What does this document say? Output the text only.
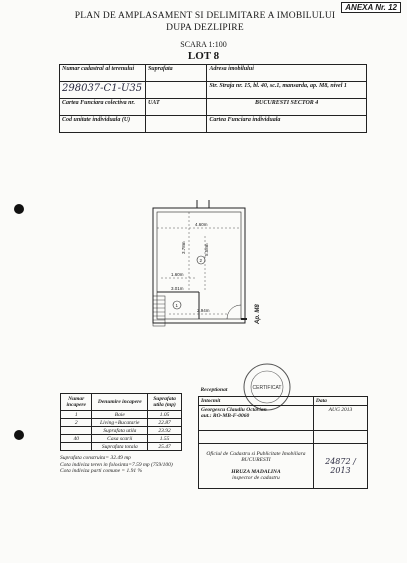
ANEXA Nr. 12
PLAN DE AMPLASAMENT SI DELIMITARE A IMOBILULUI
DUPA DEZLIPIRE
SCARA 1:100
LOT 8
Numar cadastral al terenului	Suprafata	Adresa imobilului
298037-C1-U35		Str. Straja nr. 15, bl. 40, sc.1, mansarda, ap. M8, nivel 1
Cartea Funciara colectiva nr.	UAT	BUCURESTI SECTOR 4
Cod unitate individuala (U)		Cartea Funciara individuala
4.60m
3.78m	5.58m
1.60m
3.01m
2.94m
2
1	Ap. M8
Numar incapere	Denumire incapere	Suprafata utila (mp)
1	Baie	1.05
2	Living+Bucatarie	22.87
	Suprafata utila	23.92
40	Casa scarii	1.55
	Suprafata totala	25.47
Suprafata construita= 32.49 mp
Cota indiviza teren in folosinta=7.59 mp (759/100)
Cota indiviza parti comune = 1.91 %
CERTIFICAT
Receptionat	
Intocmit	Data

Georgescu Claudiu Octavian
aut.: RO-MB-F-0060	AUG 2013

Oficiul de Cadastru si Publicitate Imobiliara BUCURESTI
HRUZA MADALINA
inspector de cadastru	24872 / 2013
